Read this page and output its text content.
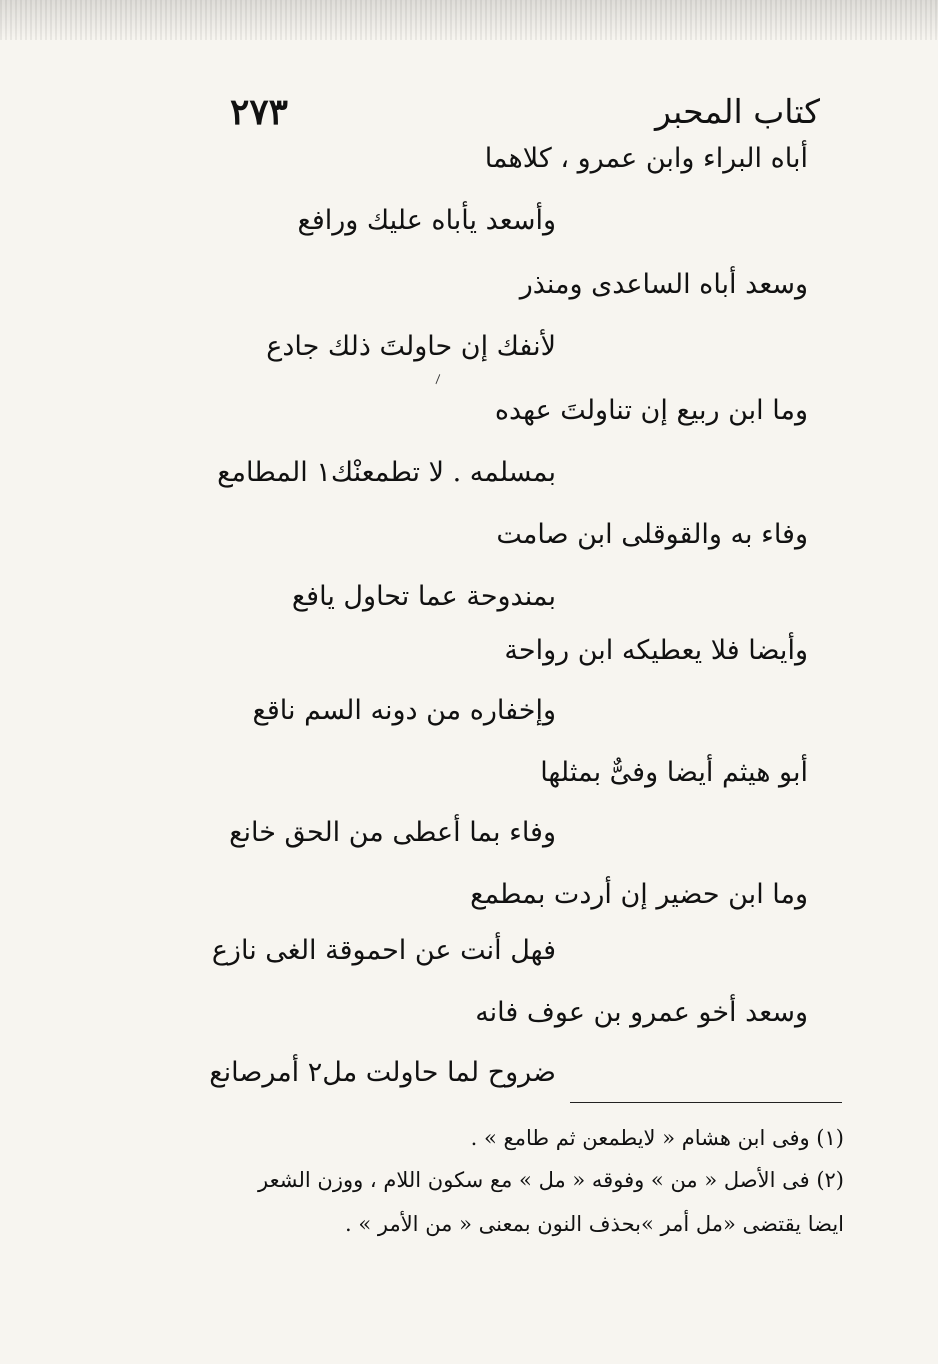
كتاب المحبر
٢٧٣
أباه البراء وابن عمرو ، كلاهما
وأسعد يأباه عليك ورافع
وسعد أباه الساعدى ومنذر
لأنفك إن حاولتَ ذلك جادع
وما ابن ربيع إن تناولتَ عهده
بمسلمه . لا تطمعنْك١ المطامع
وفاء به والقوقلى ابن صامت
بمندوحة عما تحاول يافع
وأيضا فلا يعطيكه ابن رواحة
وإخفاره من دونه السم ناقع
أبو هيثم أيضا وفىٌّ بمثلها
وفاء بما أعطى من الحق خانع
وما ابن حضير إن أردت بمطمع
فهل أنت عن احموقة الغى نازع
وسعد أخو عمرو بن عوف فانه
ضروح لما حاولت مل٢ أمرصانع
(١) وفى ابن هشام « لايطمعن ثم طامع » .
(٢) فى الأصل « من » وفوقه « مل » مع سكون اللام ، ووزن الشعر
ايضا يقتضى «مل أمر »بحذف النون بمعنى « من الأمر » .
\
